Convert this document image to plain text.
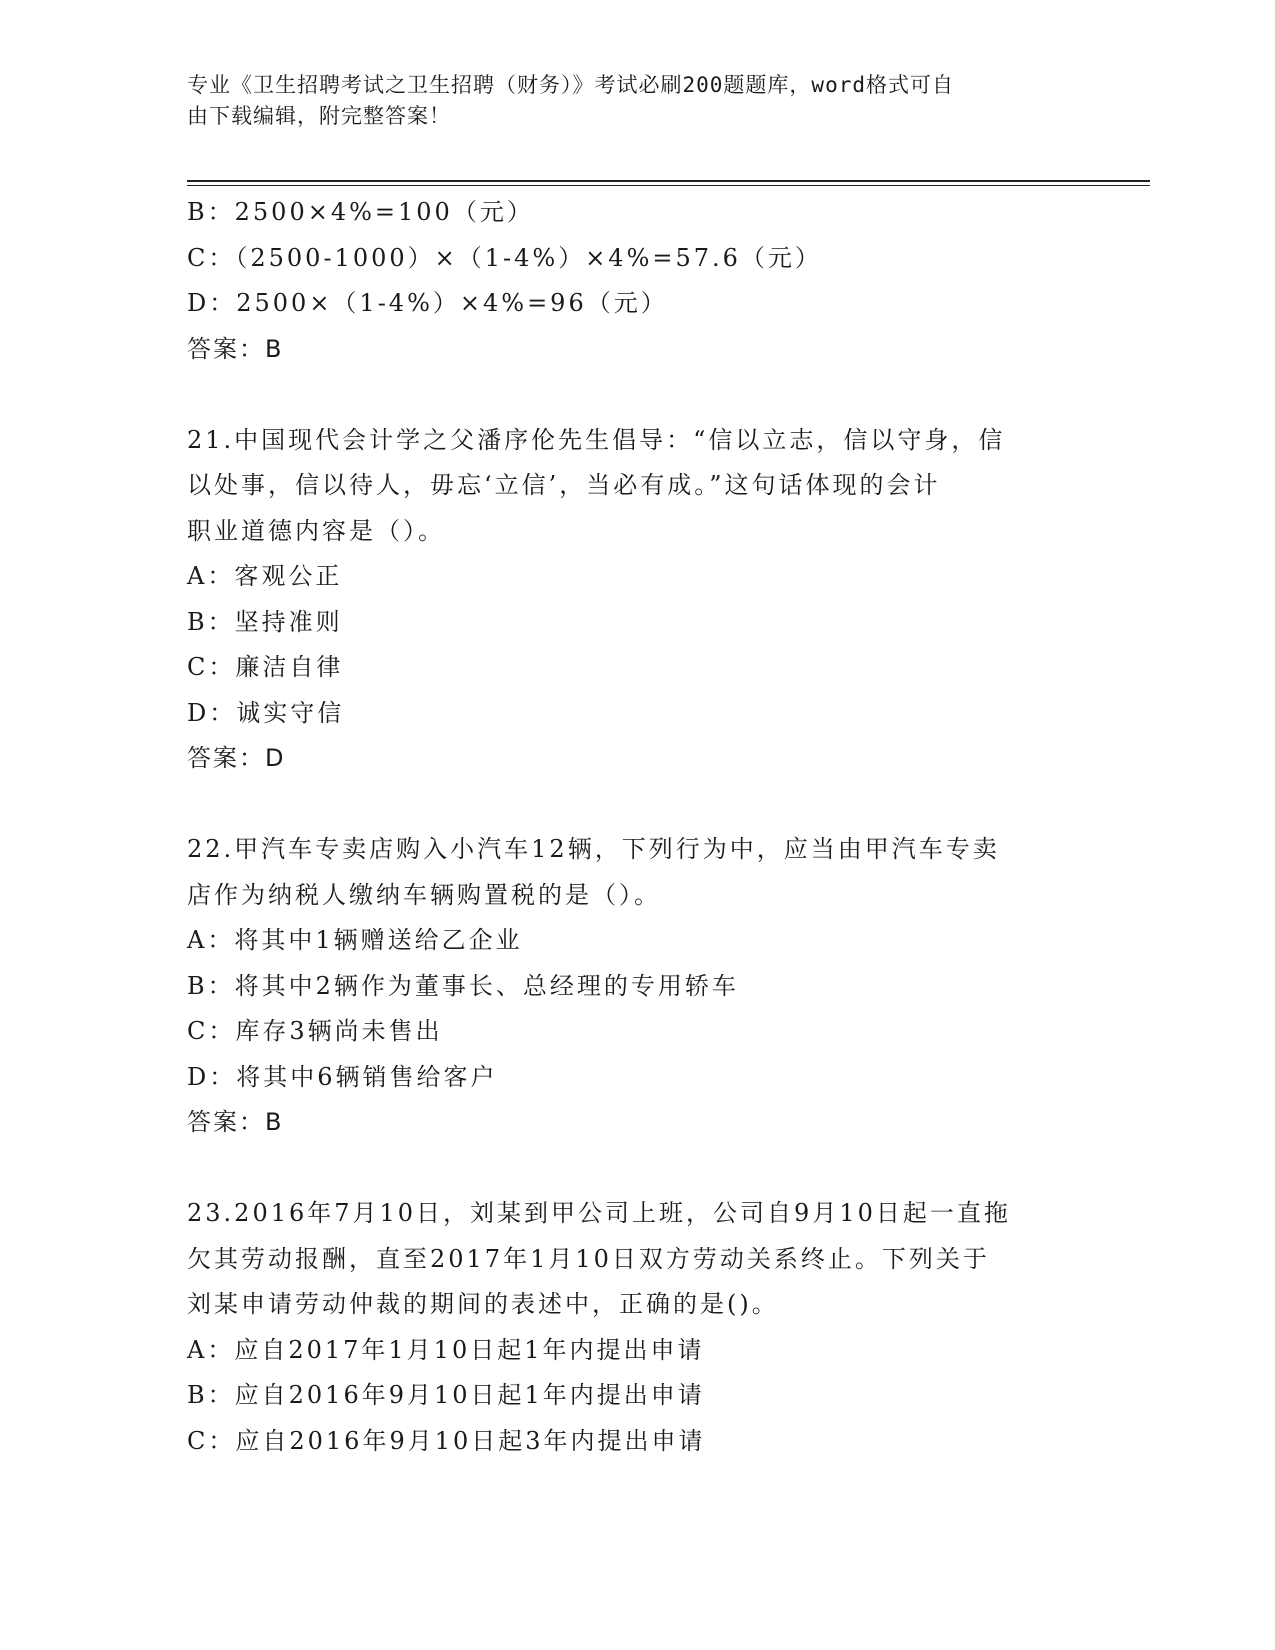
专业《卫生招聘考试之卫生招聘（财务）》考试必刷200题题库，word格式可自
由下载编辑，附完整答案！
B：2500×4%=100（元）
C：（2500-1000）×（1-4%）×4%=57.6（元）
D：2500×（1-4%）×4%=96（元）
答案：B
21.中国现代会计学之父潘序伦先生倡导：“信以立志，信以守身，信
以处事，信以待人，毋忘‘立信’，当必有成。”这句话体现的会计
职业道德内容是（）。
A：客观公正
B：坚持准则
C：廉洁自律
D：诚实守信
答案：D
22.甲汽车专卖店购入小汽车12辆，下列行为中，应当由甲汽车专卖
店作为纳税人缴纳车辆购置税的是（）。
A：将其中1辆赠送给乙企业
B：将其中2辆作为董事长、总经理的专用轿车
C：库存3辆尚未售出
D：将其中6辆销售给客户
答案：B
23.2016年7月10日，刘某到甲公司上班，公司自9月10日起一直拖
欠其劳动报酬，直至2017年1月10日双方劳动关系终止。下列关于
刘某申请劳动仲裁的期间的表述中，正确的是()。
A：应自2017年1月10日起1年内提出申请
B：应自2016年9月10日起1年内提出申请
C：应自2016年9月10日起3年内提出申请
